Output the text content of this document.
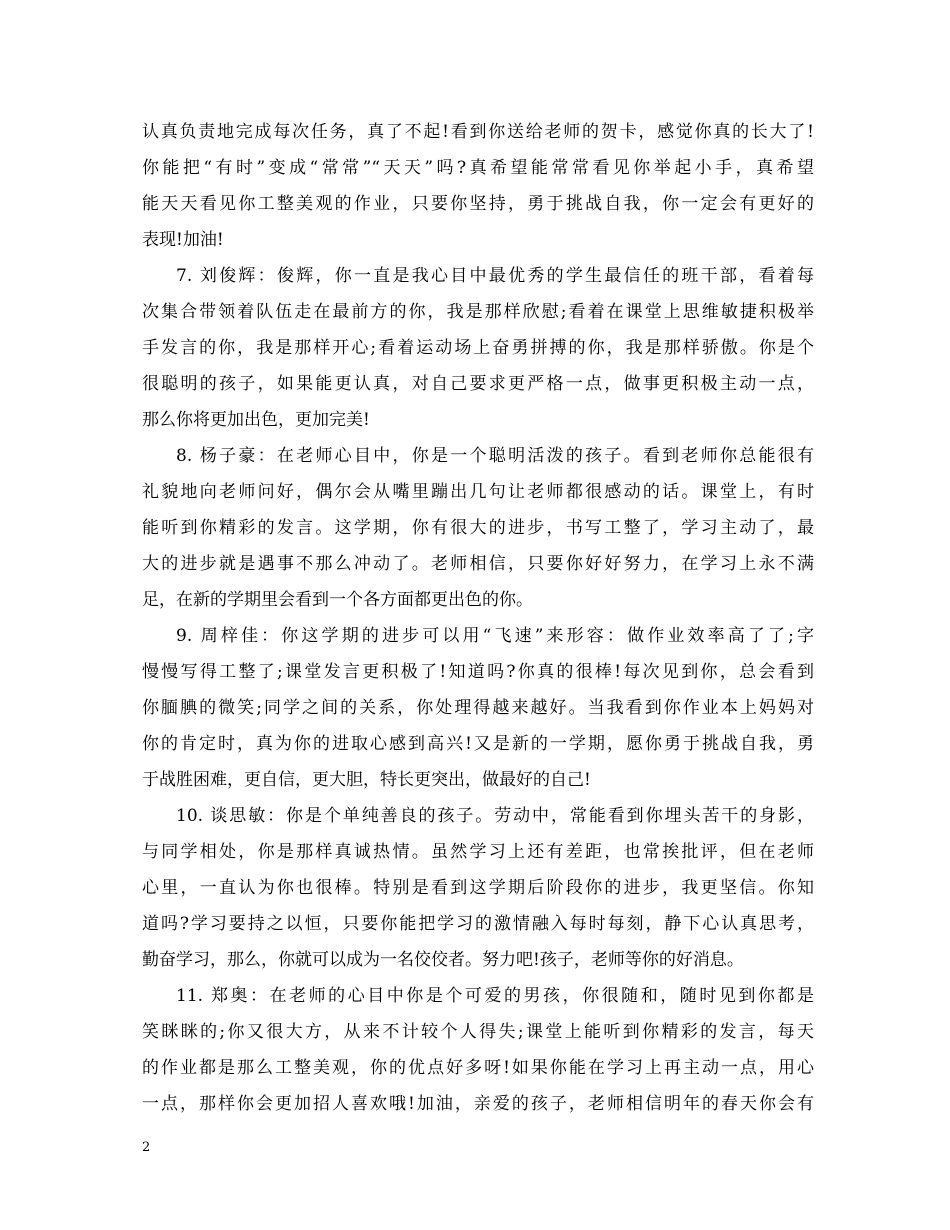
认真负责地完成每次任务，真了不起!看到你送给老师的贺卡，感觉你真的长大了!
你能把“有时”变成“常常”“天天”吗?真希望能常常看见你举起小手，真希望
能天天看见你工整美观的作业，只要你坚持，勇于挑战自我，你一定会有更好的
表现!加油!
7. 刘俊辉：俊辉，你一直是我心目中最优秀的学生最信任的班干部，看着每
次集合带领着队伍走在最前方的你，我是那样欣慰;看着在课堂上思维敏捷积极举
手发言的你，我是那样开心;看着运动场上奋勇拼搏的你，我是那样骄傲。你是个
很聪明的孩子，如果能更认真，对自己要求更严格一点，做事更积极主动一点，
那么你将更加出色，更加完美!
8. 杨子豪：在老师心目中，你是一个聪明活泼的孩子。看到老师你总能很有
礼貌地向老师问好，偶尔会从嘴里蹦出几句让老师都很感动的话。课堂上，有时
能听到你精彩的发言。这学期，你有很大的进步，书写工整了，学习主动了，最
大的进步就是遇事不那么冲动了。老师相信，只要你好好努力，在学习上永不满
足，在新的学期里会看到一个各方面都更出色的你。
9. 周梓佳：你这学期的进步可以用“飞速”来形容：做作业效率高了了;字
慢慢写得工整了;课堂发言更积极了!知道吗?你真的很棒!每次见到你，总会看到
你腼腆的微笑;同学之间的关系，你处理得越来越好。当我看到你作业本上妈妈对
你的肯定时，真为你的进取心感到高兴!又是新的一学期，愿你勇于挑战自我，勇
于战胜困难，更自信，更大胆，特长更突出，做最好的自己!
10. 谈思敏：你是个单纯善良的孩子。劳动中，常能看到你埋头苦干的身影，
与同学相处，你是那样真诚热情。虽然学习上还有差距，也常挨批评，但在老师
心里，一直认为你也很棒。特别是看到这学期后阶段你的进步，我更坚信。你知
道吗?学习要持之以恒，只要你能把学习的激情融入每时每刻，静下心认真思考，
勤奋学习，那么，你就可以成为一名佼佼者。努力吧!孩子，老师等你的好消息。
11. 郑奥：在老师的心目中你是个可爱的男孩，你很随和，随时见到你都是
笑眯眯的;你又很大方，从来不计较个人得失;课堂上能听到你精彩的发言，每天
的作业都是那么工整美观，你的优点好多呀!如果你能在学习上再主动一点，用心
一点，那样你会更加招人喜欢哦!加油，亲爱的孩子，老师相信明年的春天你会有
2
